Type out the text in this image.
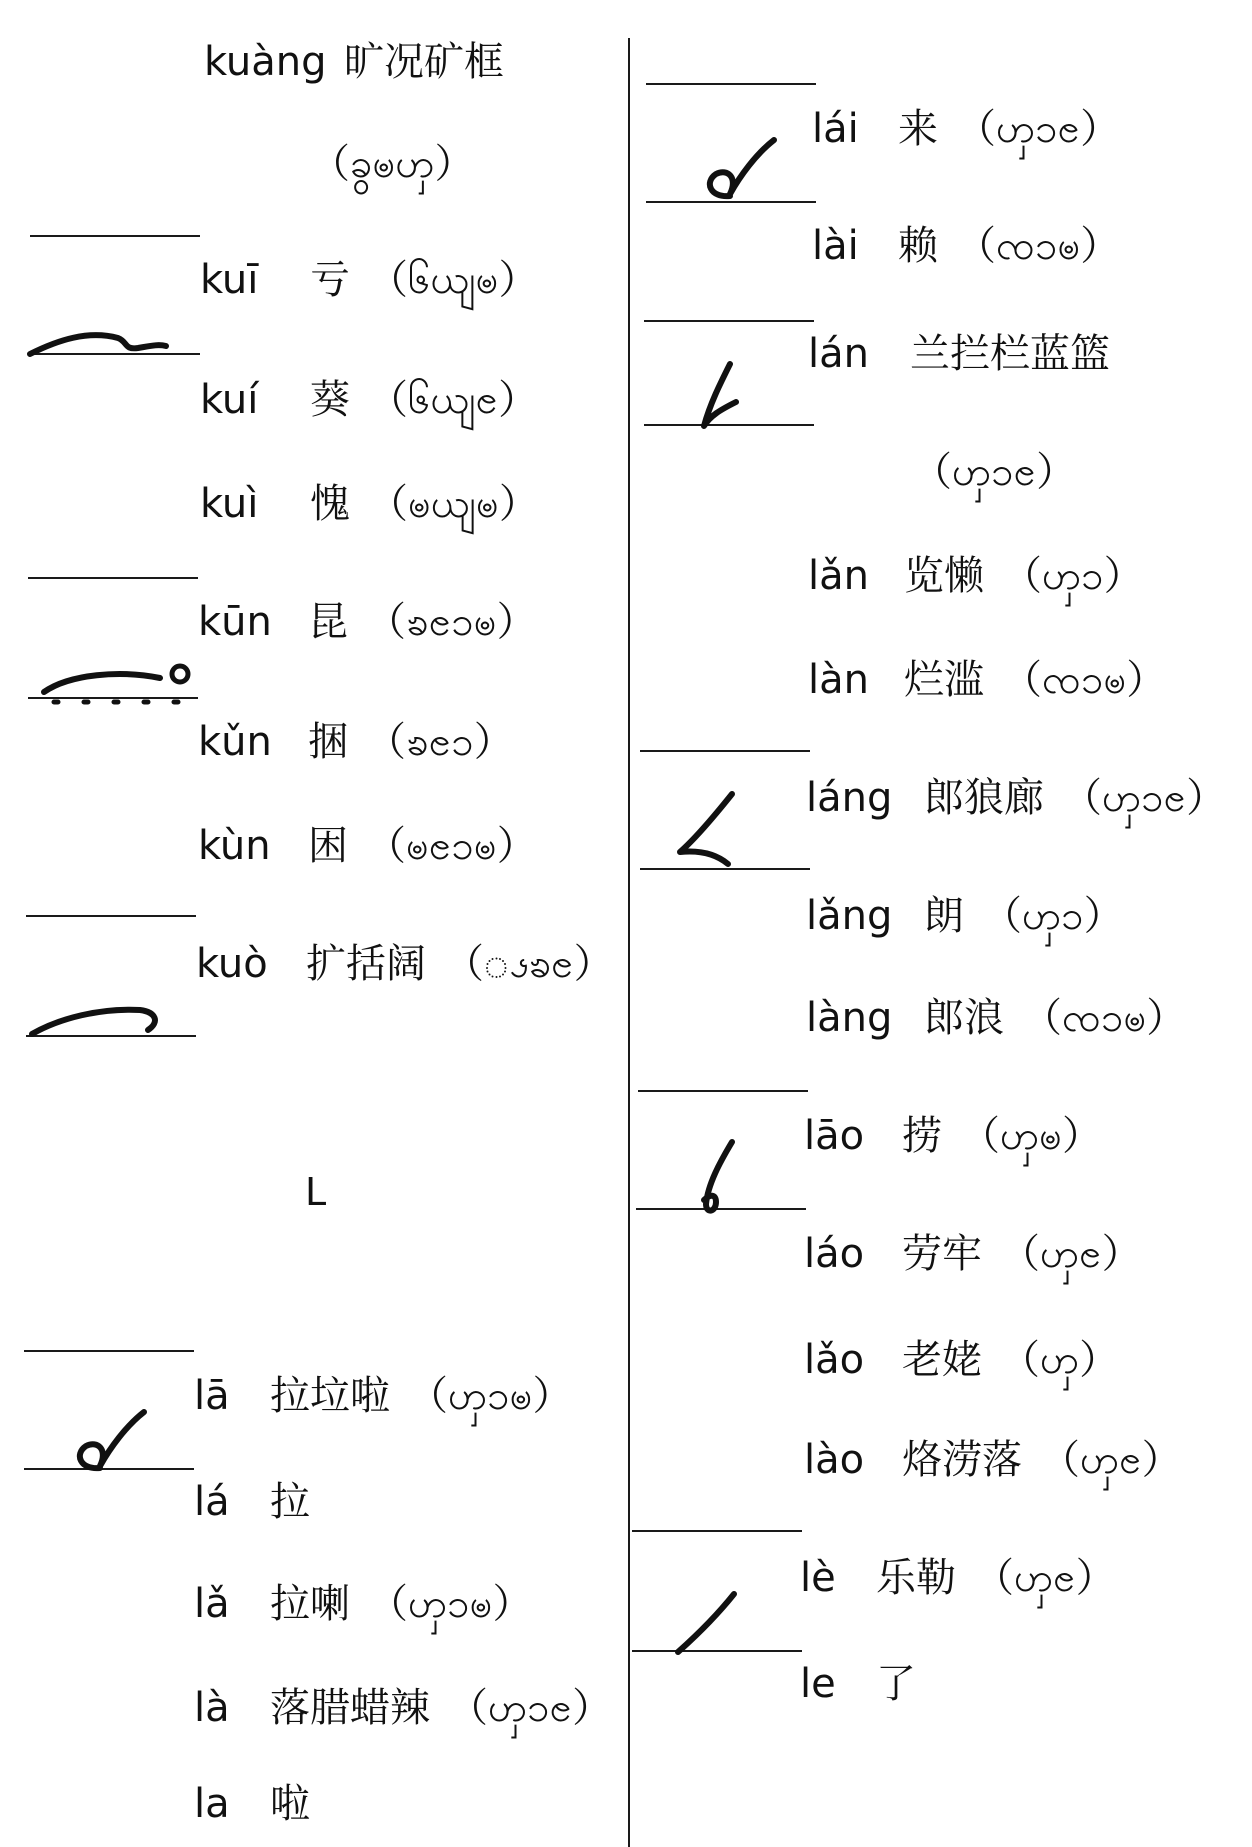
kuàng 旷况矿框
（ခွၑၯ）
kuī 亏 （၆ယျၑ）
kuí 葵 （၆ယျၔ）
kuì 愧 （ၑယျၑ）
kūn 昆 （ၶၔၥၑ）
kǔn 捆 （ၶၔၥ）
kùn 困 （ၑၔၥၑ）
kuò 扩括阔 （ၖၶၔ）
L
lā 拉垃啦 （ၯၥၑ）
lá 拉
lǎ 拉喇 （ၯၥၑ）
là 落腊蜡辣 （ၯၥၔ）
la 啦
lái 来 （ၯၥၔ）
lài 赖 （ၸၥၑ）
lán 兰拦栏蓝篮
（ၯၥၔ）
lǎn 览懒 （ၯၥ）
làn 烂滥 （ၸၥၑ）
láng 郎狼廊 （ၯၥၔ）
lǎng 朗 （ၯၥ）
làng 郎浪 （ၸၥၑ）
lāo 捞 （ၯၑ）
láo 劳牢 （ၯၔ）
lǎo 老姥 （ၯ）
lào 烙涝落 （ၯၔ）
lè 乐勒 （ၯၔ）
le 了
